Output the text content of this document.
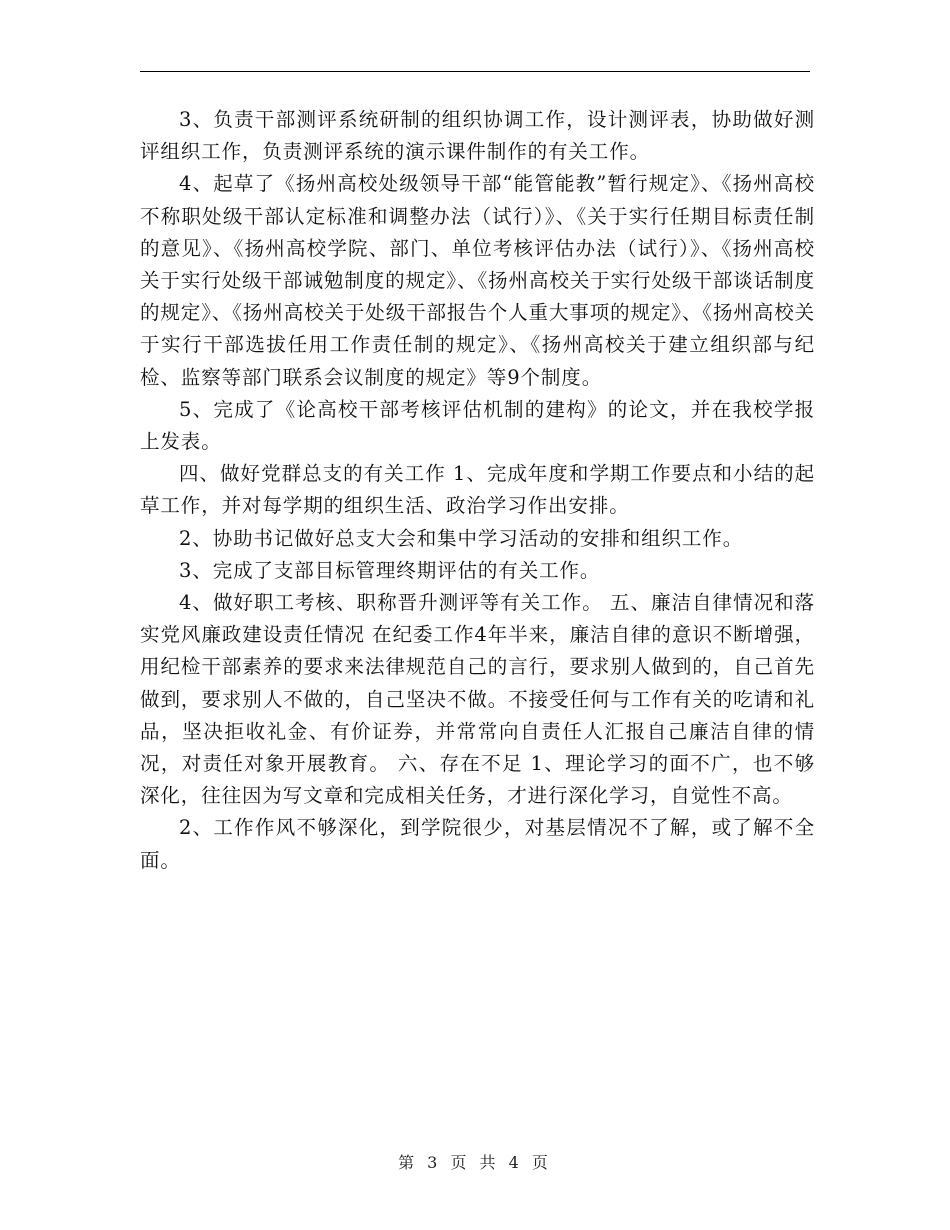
3、负责干部测评系统研制的组织协调工作，设计测评表，协助做好测评组织工作，负责测评系统的演示课件制作的有关工作。

4、起草了《扬州高校处级领导干部“能管能教”暂行规定》、《扬州高校不称职处级干部认定标准和调整办法（试行）》、《关于实行任期目标责任制的意见》、《扬州高校学院、部门、单位考核评估办法（试行）》、《扬州高校关于实行处级干部诫勉制度的规定》、《扬州高校关于实行处级干部谈话制度的规定》、《扬州高校关于处级干部报告个人重大事项的规定》、《扬州高校关于实行干部选拔任用工作责任制的规定》、《扬州高校关于建立组织部与纪检、监察等部门联系会议制度的规定》等9个制度。

5、完成了《论高校干部考核评估机制的建构》的论文，并在我校学报上发表。

四、做好党群总支的有关工作 1、完成年度和学期工作要点和小结的起草工作，并对每学期的组织生活、政治学习作出安排。

2、协助书记做好总支大会和集中学习活动的安排和组织工作。

3、完成了支部目标管理终期评估的有关工作。

4、做好职工考核、职称晋升测评等有关工作。 五、廉洁自律情况和落实党风廉政建设责任情况 在纪委工作4年半来，廉洁自律的意识不断增强，用纪检干部素养的要求来法律规范自己的言行，要求别人做到的，自己首先做到，要求别人不做的，自己坚决不做。不接受任何与工作有关的吃请和礼品，坚决拒收礼金、有价证券，并常常向自责任人汇报自己廉洁自律的情况，对责任对象开展教育。 六、存在不足 1、理论学习的面不广，也不够深化，往往因为写文章和完成相关任务，才进行深化学习，自觉性不高。

2、工作作风不够深化，到学院很少，对基层情况不了解，或了解不全面。

第 3 页 共 4 页
